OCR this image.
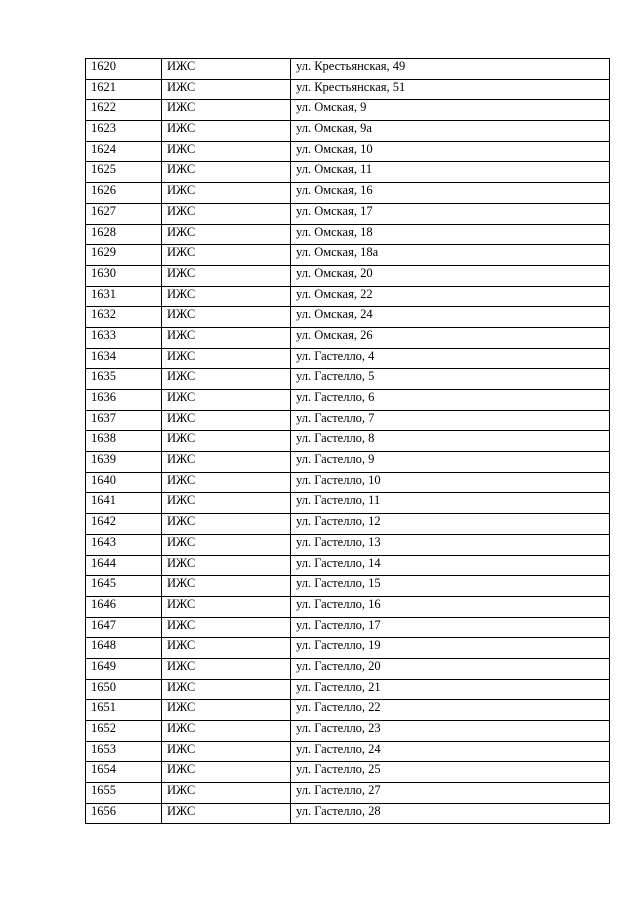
1620	ИЖС	ул. Крестьянская, 49
1621	ИЖС	ул. Крестьянская, 51
1622	ИЖС	ул. Омская, 9
1623	ИЖС	ул. Омская, 9а
1624	ИЖС	ул. Омская, 10
1625	ИЖС	ул. Омская, 11
1626	ИЖС	ул. Омская, 16
1627	ИЖС	ул. Омская, 17
1628	ИЖС	ул. Омская, 18
1629	ИЖС	ул. Омская, 18а
1630	ИЖС	ул. Омская, 20
1631	ИЖС	ул. Омская, 22
1632	ИЖС	ул. Омская, 24
1633	ИЖС	ул. Омская, 26
1634	ИЖС	ул. Гастелло, 4
1635	ИЖС	ул. Гастелло, 5
1636	ИЖС	ул. Гастелло, 6
1637	ИЖС	ул. Гастелло, 7
1638	ИЖС	ул. Гастелло, 8
1639	ИЖС	ул. Гастелло, 9
1640	ИЖС	ул. Гастелло, 10
1641	ИЖС	ул. Гастелло, 11
1642	ИЖС	ул. Гастелло, 12
1643	ИЖС	ул. Гастелло, 13
1644	ИЖС	ул. Гастелло, 14
1645	ИЖС	ул. Гастелло, 15
1646	ИЖС	ул. Гастелло, 16
1647	ИЖС	ул. Гастелло, 17
1648	ИЖС	ул. Гастелло, 19
1649	ИЖС	ул. Гастелло, 20
1650	ИЖС	ул. Гастелло, 21
1651	ИЖС	ул. Гастелло, 22
1652	ИЖС	ул. Гастелло, 23
1653	ИЖС	ул. Гастелло, 24
1654	ИЖС	ул. Гастелло, 25
1655	ИЖС	ул. Гастелло, 27
1656	ИЖС	ул. Гастелло, 28
